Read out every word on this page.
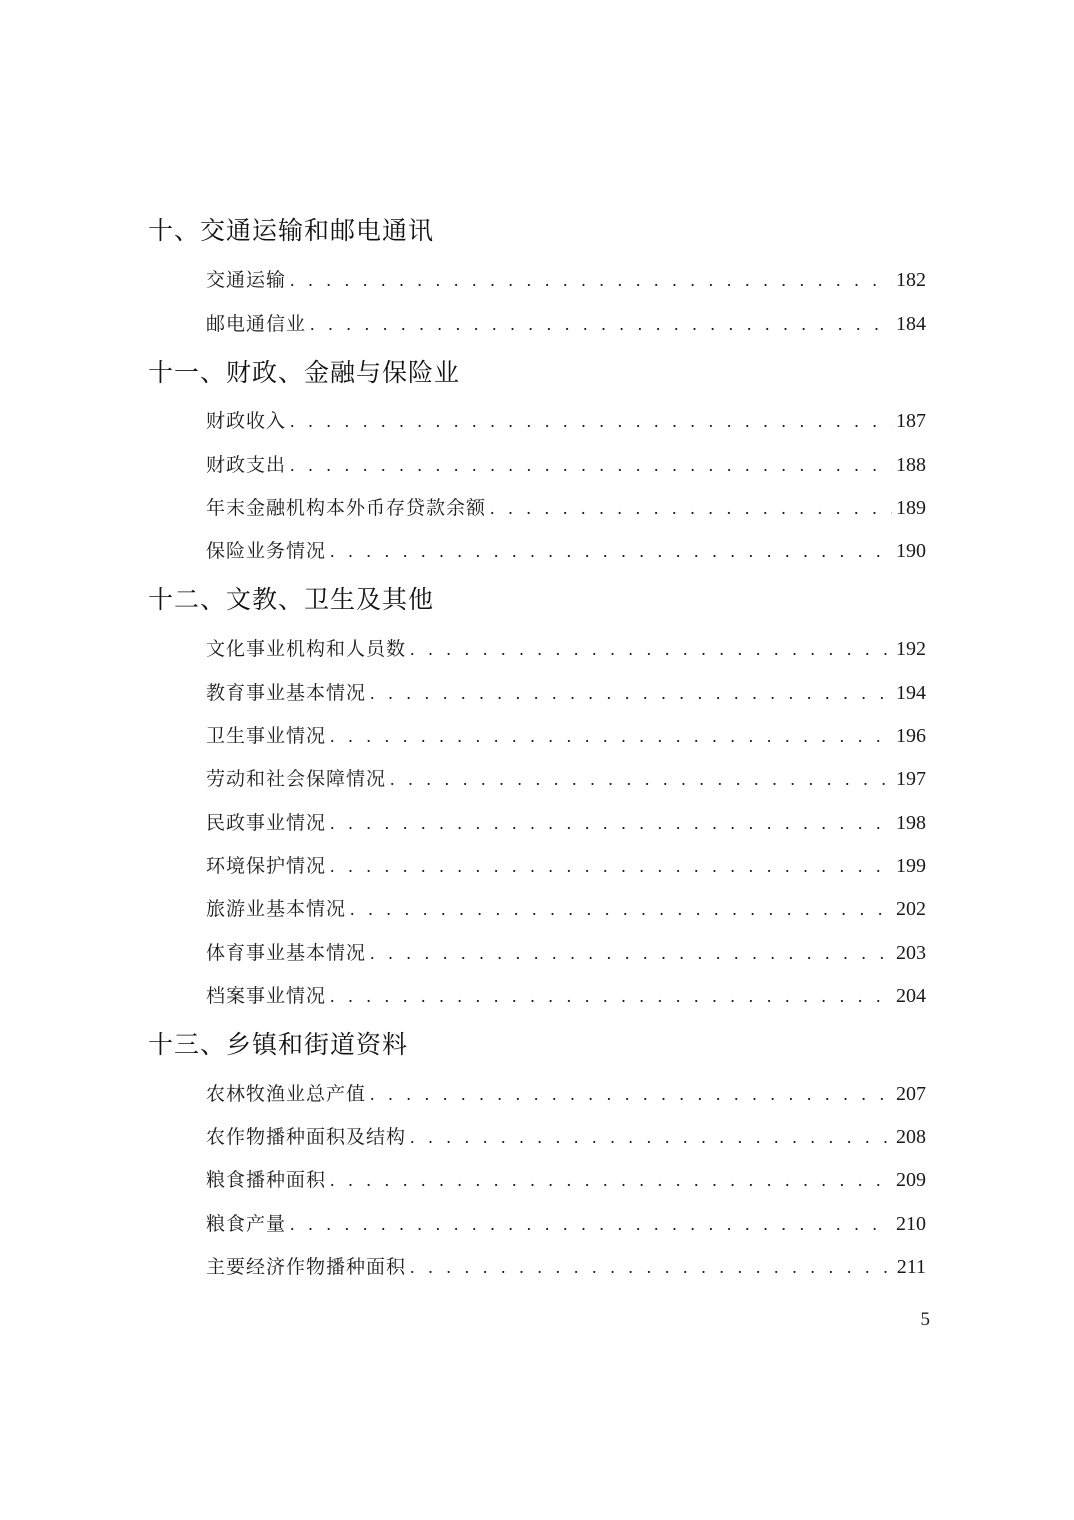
十、交通运输和邮电通讯
交通运输 . . .	182
邮电通信业 . . .	184
十一、财政、金融与保险业
财政收入 . . .	187
财政支出 . . .	188
年末金融机构本外币存贷款余额 . . .	189
保险业务情况 . . .	190
十二、文教、卫生及其他
文化事业机构和人员数 . . .	192
教育事业基本情况 . . .	194
卫生事业情况 . . .	196
劳动和社会保障情况 . . .	197
民政事业情况 . . .	198
环境保护情况 . . .	199
旅游业基本情况 . . .	202
体育事业基本情况 . . .	203
档案事业情况 . . .	204
十三、乡镇和街道资料
农林牧渔业总产值 . . .	207
农作物播种面积及结构 . . .	208
粮食播种面积 . . .	209
粮食产量 . . .	210
主要经济作物播种面积 . . .	211
5
